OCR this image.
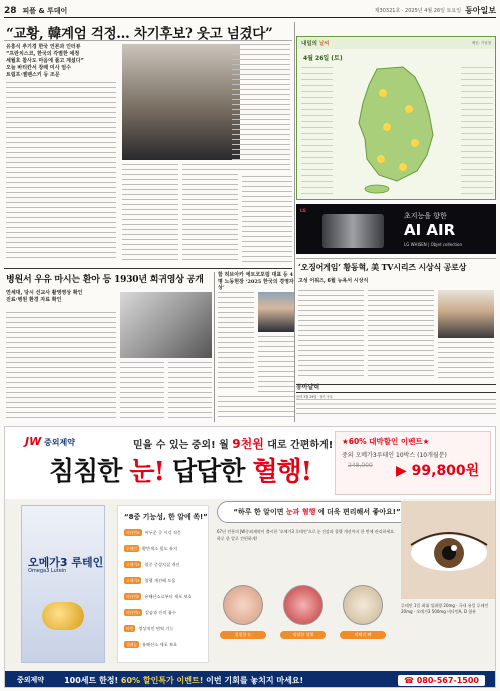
28 피플 & 투데이	제30321호 · 2025년 4월 26일 토요일 동아일보
“교황, 韓계엄 걱정… 차기후보? 웃고 넘겼다”
유흥식 추기경 한국 언론과 인터뷰
“프란치스코, 한국의 각별한 애정
세월호 참사도 마음에 품고 계셨다”
오늘 바티칸서 장례 미사 엄수
트럼프·젤렌스키 등 조문
병원서 우유 마시는 환아 등 1930년 희귀영상 공개
연세대, 당시 선교사 촬영영상 확인
진료·병원 환경 자료 확인
함 허브아카 에트코포럼 대표 등 4명 노동현장 ‘2025 한국의 경영자상’
내일의 날씨	제공: 기상청
4월 26일 (토)
LG
초지능을 향한
AI AIR
LG WHISEN | Objet collection
‘오징어게임’ 황동혁, 美 TV시리즈 시상식 공로상
고성 어워즈, 6월 뉴욕서 시상식
동아달력
음력 3월 29일 · 절기 곡우
JW 중외제약	믿을 수 있는 중외! 월 9천원 대로 간편하게!
침침한 눈! 답답한 혈행!
★60% 대박할인 이벤트★
중외 오메가3루테인 10박스 (10개월분)
248,000 ▶ 99,800원
오메가3 루테인
Omega3 Lutein
“8중 기능성, 한 알에 쏙!”
비타민A 어두운 곳 시각 적응
루테인 황반색소 밀도 유지
오메가3 혈중 중성지질 개선
오메가3 혈행 개선에 도움
비타민E 유해산소로부터 세포 보호
비타민D 칼슘과 인의 흡수
아연 정상적인 면역 기능
셀레늄 유해산소 세포 보호
“하루 한 알이면 눈과 혈행 에 더욱 편리해서 좋아요!”
67년 전통의 JW중외제약이 출시한 '오메가3 루테인'으로 눈 건강과 혈행 개선까지 한 번에 관리하세요. 하루 한 알로 간편하게!
침침한 눈	답답한 혈행	약해진 뼈
루테인 1일 최대 섭취량 20mg · 국내 유일 루테인 20mg · 오메가3 500mg 비타민A, D 함유
중외제약	100세트 한정!
60% 할인특가 이벤트!
이번 기회를 놓치지 마세요!	☎ 080-567-1500
